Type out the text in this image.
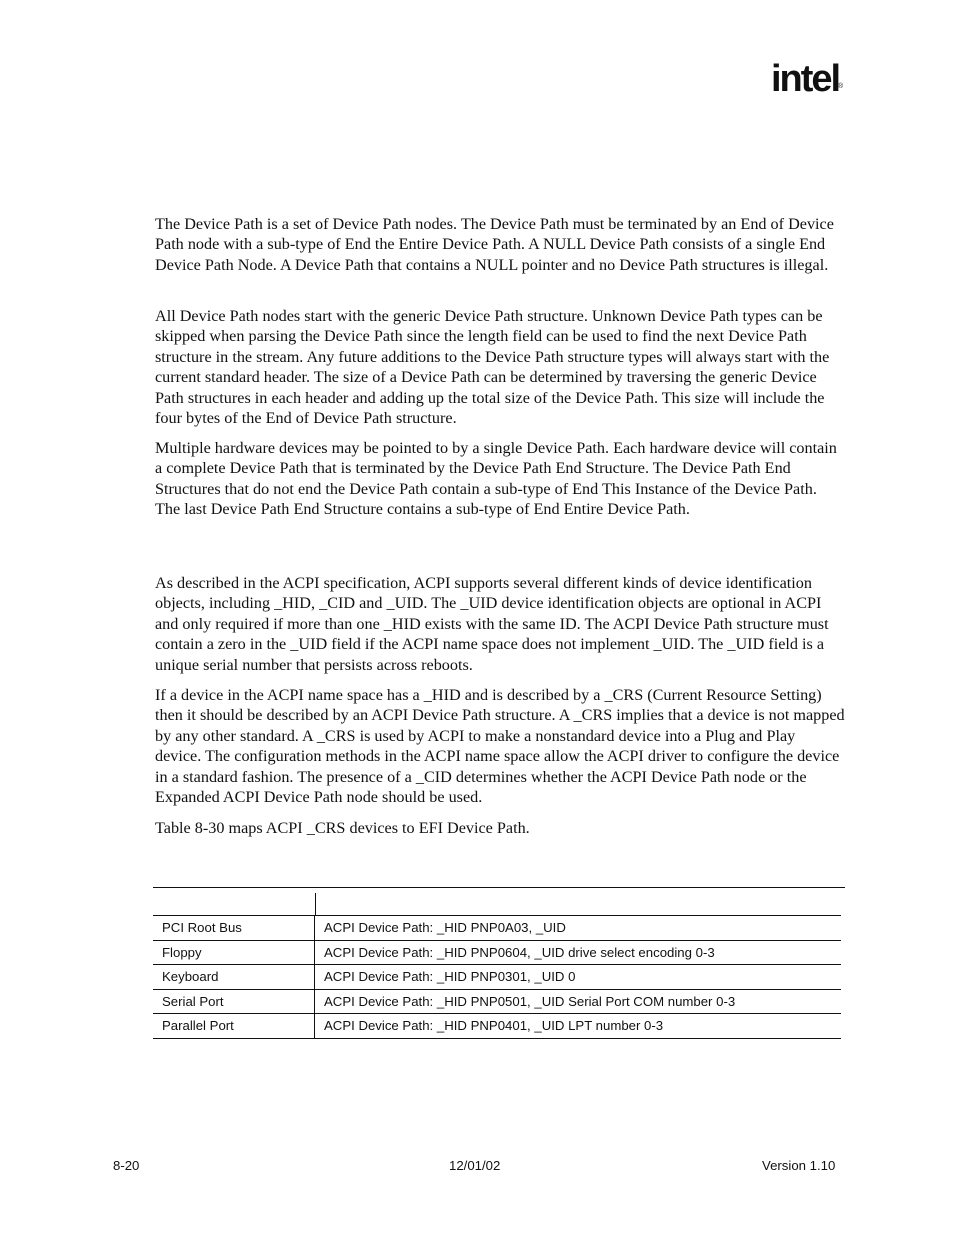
intel
®

The Device Path is a set of Device Path nodes. The Device Path must be terminated by an End of Device Path node with a sub-type of End the Entire Device Path. A NULL Device Path consists of a single End Device Path Node. A Device Path that contains a NULL pointer and no Device Path structures is illegal.

All Device Path nodes start with the generic Device Path structure. Unknown Device Path types can be skipped when parsing the Device Path since the length field can be used to find the next Device Path structure in the stream. Any future additions to the Device Path structure types will always start with the current standard header. The size of a Device Path can be determined by traversing the generic Device Path structures in each header and adding up the total size of the Device Path. This size will include the four bytes of the End of Device Path structure.

Multiple hardware devices may be pointed to by a single Device Path. Each hardware device will contain a complete Device Path that is terminated by the Device Path End Structure. The Device Path End Structures that do not end the Device Path contain a sub-type of End This Instance of the Device Path. The last Device Path End Structure contains a sub-type of End Entire Device Path.

As described in the ACPI specification, ACPI supports several different kinds of device identification objects, including _HID, _CID and _UID. The _UID device identification objects are optional in ACPI and only required if more than one _HID exists with the same ID. The ACPI Device Path structure must contain a zero in the _UID field if the ACPI name space does not implement _UID. The _UID field is a unique serial number that persists across reboots.

If a device in the ACPI name space has a _HID and is described by a _CRS (Current Resource Setting) then it should be described by an ACPI Device Path structure. A _CRS implies that a device is not mapped by any other standard. A _CRS is used by ACPI to make a nonstandard device into a Plug and Play device. The configuration methods in the ACPI name space allow the ACPI driver to configure the device in a standard fashion. The presence of a _CID determines whether the ACPI Device Path node or the Expanded ACPI Device Path node should be used.

Table 8-30 maps ACPI _CRS devices to EFI Device Path.

PCI Root Bus	ACPI Device Path: _HID PNP0A03, _UID
Floppy	ACPI Device Path: _HID PNP0604, _UID drive select encoding 0-3
Keyboard	ACPI Device Path: _HID PNP0301, _UID 0
Serial Port	ACPI Device Path: _HID PNP0501, _UID Serial Port COM number 0-3
Parallel Port	ACPI Device Path: _HID PNP0401, _UID LPT number 0-3
8-20	12/01/02	Version 1.10
